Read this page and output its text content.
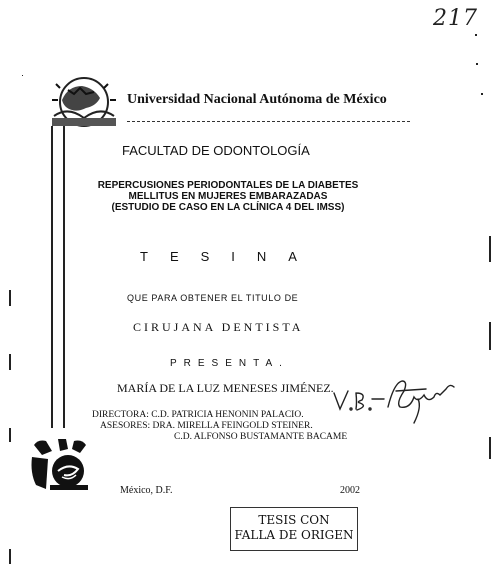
217
Universidad Nacional Autónoma de México
FACULTAD DE ODONTOLOGÍA
REPERCUSIONES PERIODONTALES DE LA DIABETES
MELLITUS EN MUJERES EMBARAZADAS
(ESTUDIO DE CASO EN LA CLÍNICA 4 DEL IMSS)
TESINA
QUE PARA OBTENER EL TITULO DE
CIRUJANA DENTISTA
PRESENTA.
MARÍA DE LA LUZ MENESES JIMÉNEZ.
DIRECTORA: C.D. PATRICIA HENONIN PALACIO.
ASESORES: DRA. MIRELLA FEINGOLD STEINER.
C.D. ALFONSO BUSTAMANTE BACAME
México, D.F.	2002
TESIS CON
FALLA DE ORIGEN
